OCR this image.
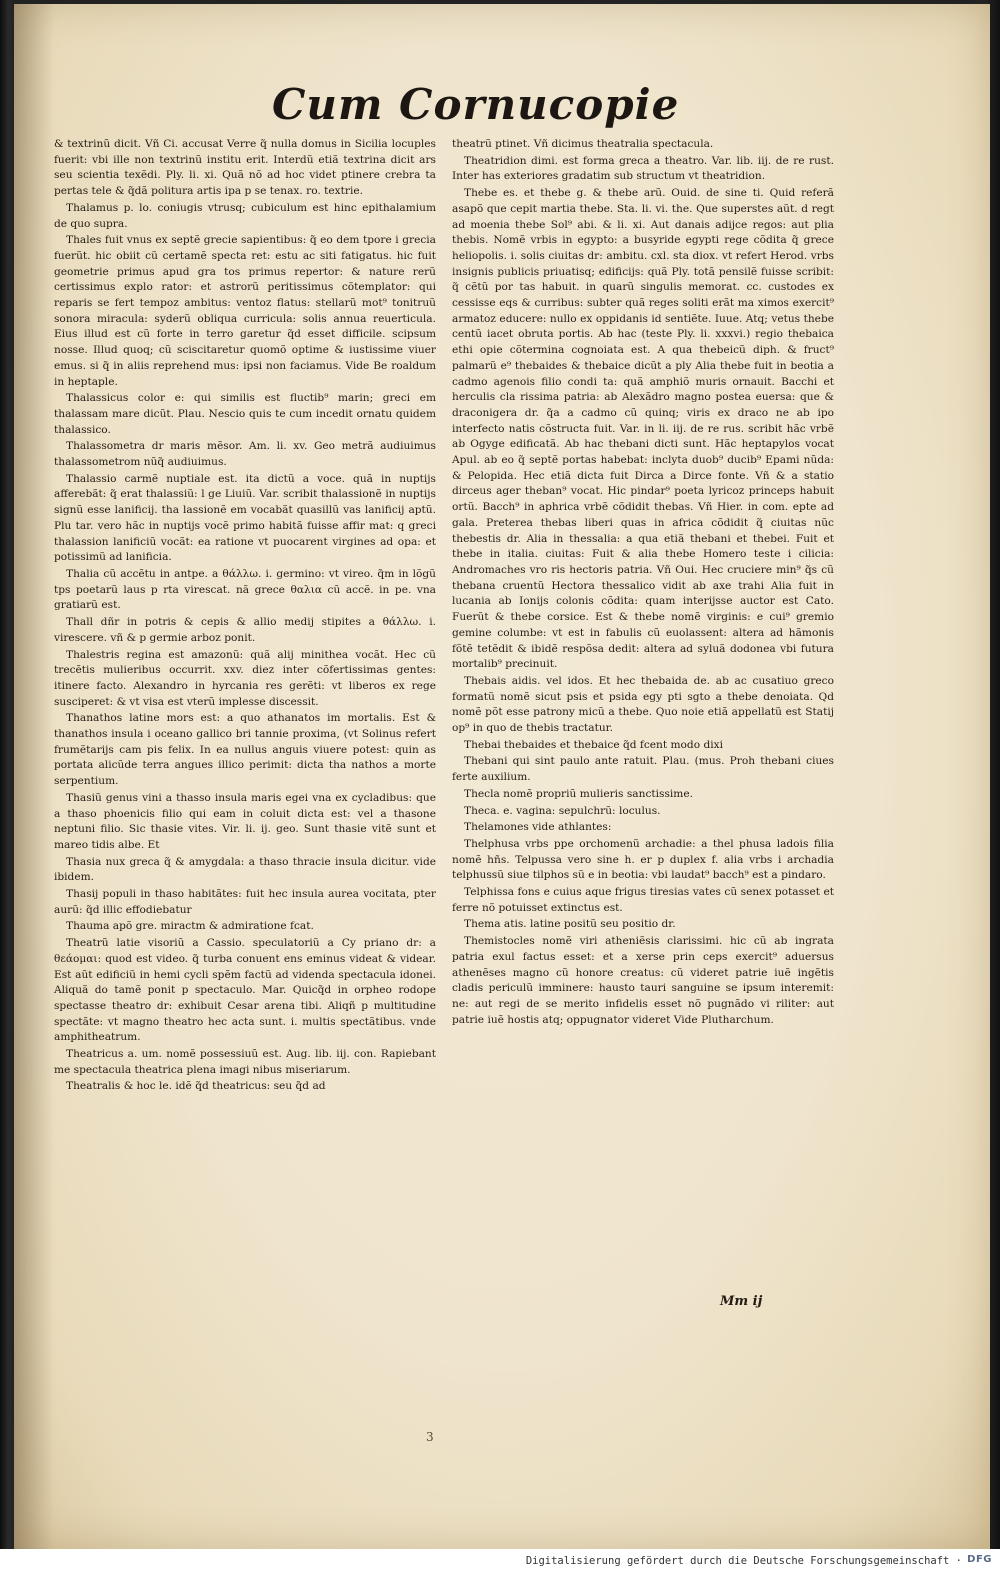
Cum Cornucopie

& textrinũ dicit. Vñ Ci. accusat Verre q̃ nulla domus in Sicilia locuples fuerit: vbi ille non textrinũ institu erit. Interdũ etiã textrina dicit ars seu scientia texẽdi. Ply. li. xi. Quã nõ ad hoc videt ptinere crebra ta pertas tele & q̃dã politura artis ipa p se tenax. ro. textrie.

Thalamus p. lo. coniugis vtrusq; cubiculum est hinc epithalamium de quo supra.

Thales fuit vnus ex septẽ grecie sapientibus: q̃ eo dem tpore i grecia fuerũt. hic obiit cũ certamẽ specta ret: estu ac siti fatigatus. hic fuit geometrie primus apud gra tos primus repertor: & nature rerũ certissimus explo rator: et astrorũ peritissimus cõtemplator: qui reparis se fert tempoz ambitus: ventoz flatus: stellarũ mot⁹ tonitruũ sonora miracula: syderũ obliqua curricula: solis annua reuerticula. Eius illud est cũ forte in terro garetur q̃d esset difficile. scipsum nosse. Illud quoq; cũ sciscitaretur quomõ optime & iustissime viuer emus. si q̃ in aliis reprehend mus: ipsi non faciamus. Vide Be roaldum in heptaple.

Thalassicus color e: qui similis est fluctib⁹ marin; greci em thalassam mare dicũt. Plau. Nescio quis te cum incedit ornatu quidem thalassico.

Thalassometra dr maris mẽsor. Am. li. xv. Geo metrã audiuimus thalassometrom nũq̃ audiuimus.

Thalassio carmẽ nuptiale est. ita dictũ a voce. quã in nuptijs afferebãt: q̃ erat thalassiũ: l ge Liuiũ. Var. scribit thalassionẽ in nuptijs signũ esse lanificij. tha lassionẽ em vocabãt quasillũ vas lanificij aptũ. Plu tar. vero hãc in nuptijs vocẽ primo habitã fuisse affir mat: q greci thalassion lanificiũ vocãt: ea ratione vt puocarent virgines ad opa: et potissimũ ad lanificia.

Thalia cũ accẽtu in antpe. a θάλλω. i. germino: vt vireo. q̃m in lõgũ tps poetarũ laus p rta virescat. nã grece θαλια cũ accẽ. in pe. vna gratiarũ est.

Thall dñr in potris & cepis & allio medij stipites a θάλλω. i. virescere. vñ & p germie arboz ponit.

Thalestris regina est amazonũ: quã alij minithea vocãt. Hec cũ trecẽtis mulieribus occurrit. xxv. diez inter cõfertissimas gentes: itinere facto. Alexandro in hyrcania res gerẽti: vt liberos ex rege susciperet: & vt visa est vterũ implesse discessit.

Thanathos latine mors est: a quo athanatos im mortalis. Est & thanathos insula i oceano gallico bri tannie proxima, (vt Solinus refert frumẽtarijs cam pis felix. In ea nullus anguis viuere potest: quin as portata alicũde terra angues illico perimit: dicta tha nathos a morte serpentium.

Thasiũ genus vini a thasso insula maris egei vna ex cycladibus: que a thaso phoenicis filio qui eam in coluit dicta est: vel a thasone neptuni filio. Sic thasie vites. Vir. li. ij. geo. Sunt thasie vitẽ sunt et mareo tidis albe. Et

Thasia nux greca q̃ & amygdala: a thaso thracie insula dicitur. vide ibidem.

Thasij populi in thaso habitãtes: fuit hec insula aurea vocitata, pter aurũ: q̃d illic effodiebatur

Thauma apõ gre. miractm & admiratione fcat.

Theatrũ latie visoriũ a Cassio. speculatoriũ a Cy priano dr: a θεάομαι: quod est video. q̃ turba conuent ens eminus videat & videar. Est aũt edificiũ in hemi cycli spẽm factũ ad videnda spectacula idonei. Aliquã do tamẽ ponit p spectaculo. Mar. Quicq̃d in orpheo rodope spectasse theatro dr: exhibuit Cesar arena tibi. Aliqñ p multitudine spectãte: vt magno theatro hec acta sunt. i. multis spectãtibus. vnde amphitheatrum.

Theatricus a. um. nomẽ possessiuũ est. Aug. lib. iij. con. Rapiebant me spectacula theatrica plena imagi nibus miseriarum.

Theatralis & hoc le. idẽ q̃d theatricus: seu q̃d ad

theatrũ ptinet. Vñ dicimus theatralia spectacula.

Theatridion dimi. est forma greca a theatro. Var. lib. iij. de re rust. Inter has exteriores gradatim sub structum vt theatridion.

Thebe es. et thebe g. & thebe arũ. Ouid. de sine ti. Quid referã asapõ que cepit martia thebe. Sta. li. vi. the. Que superstes aũt. d regt ad moenia thebe Sol⁹ abi. & li. xi. Aut danais adijce regos: aut plia thebis. Nomẽ vrbis in egypto: a busyride egypti rege cõdita q̃ grece heliopolis. i. solis ciuitas dr: ambitu. cxl. sta diox. vt refert Herod. vrbs insignis publicis priuatisq; edificijs: quã Ply. totã pensilẽ fuisse scribit: q̃ cẽtũ por tas habuit. in quarũ singulis memorat. cc. custodes ex cessisse eqs & curribus: subter quã reges soliti erãt ma ximos exercit⁹ armatoz educere: nullo ex oppidanis id sentiẽte. Iuue. Atq; vetus thebe centũ iacet obruta portis. Ab hac (teste Ply. li. xxxvi.) regio thebaica ethi opie cõtermina cognoiata est. A qua thebeicũ diph. & fruct⁹ palmarũ e⁹ thebaides & thebaice dicũt a ply Alia thebe fuit in beotia a cadmo agenois filio condi ta: quã amphiõ muris ornauit. Bacchi et herculis cla rissima patria: ab Alexãdro magno postea euersa: que & draconigera dr. q̃a a cadmo cũ quinq; viris ex draco ne ab ipo interfecto natis cõstructa fuit. Var. in li. iij. de re rus. scribit hãc vrbẽ ab Ogyge edificatã. Ab hac thebani dicti sunt. Hãc heptapylos vocat Apul. ab eo q̃ septẽ portas habebat: inclyta duob⁹ ducib⁹ Epami nũda: & Pelopida. Hec etiã dicta fuit Dirca a Dirce fonte. Vñ & a statio dirceus ager theban⁹ vocat. Hic pindar⁹ poeta lyricoz princeps habuit ortũ. Bacch⁹ in aphrica vrbẽ cõdidit thebas. Vñ Hier. in com. epte ad gala. Preterea thebas liberi quas in africa cõdidit q̃ ciuitas nũc thebestis dr. Alia in thessalia: a qua etiã thebani et thebei. Fuit et thebe in italia. ciuitas: Fuit & alia thebe Homero teste i cilicia: Andromaches vro ris hectoris patria. Vñ Oui. Hec cruciere min⁹ q̃s cũ thebana cruentũ Hectora thessalico vidit ab axe trahi Alia fuit in lucania ab Ionijs colonis cõdita: quam interijsse auctor est Cato. Fuerũt & thebe corsice. Est & thebe nomẽ virginis: e cui⁹ gremio gemine columbe: vt est in fabulis cũ euolassent: altera ad hãmonis fõtẽ tetẽdit & ibidẽ respõsa dedit: altera ad syluã dodonea vbi futura mortalib⁹ precinuit.

Thebais aidis. vel idos. Et hec thebaida de. ab ac cusatiuo greco formatũ nomẽ sicut psis et psida egy pti sgto a thebe denoiata. Qd nomẽ põt esse patrony micũ a thebe. Quo noie etiã appellatũ est Statij op⁹ in quo de thebis tractatur.

Thebai thebaides et thebaice q̃d fcent modo dixi

Thebani qui sint paulo ante ratuit. Plau. (mus. Proh thebani ciues ferte auxilium.

Thecla nomẽ propriũ mulieris sanctissime.

Theca. e. vagina: sepulchrũ: loculus.

Thelamones vide athlantes:

Thelphusa vrbs ppe orchomenũ archadie: a thel phusa ladois filia nomẽ hñs. Telpussa vero sine h. er p duplex f. alia vrbs i archadia telphussũ siue tilphos sũ e in beotia: vbi laudat⁹ bacch⁹ est a pindaro.

Telphissa fons e cuius aque frigus tiresias vates cũ senex potasset et ferre nõ potuisset extinctus est.

Thema atis. latine positũ seu positio dr.

Themistocles nomẽ viri atheniẽsis clarissimi. hic cũ ab ingrata patria exul factus esset: et a xerse prin ceps exercit⁹ aduersus athenẽses magno cũ honore creatus: cũ videret patrie iuẽ ingẽtis cladis periculũ imminere: hausto tauri sanguine se ipsum interemit: ne: aut regi de se merito infidelis esset nõ pugnãdo vi riliter: aut patrie iuẽ hostis atq; oppugnator videret Vide Plutharchum.

Mm ij
3
Digitalisierung gefördert durch die Deutsche Forschungsgemeinschaft · DFG
